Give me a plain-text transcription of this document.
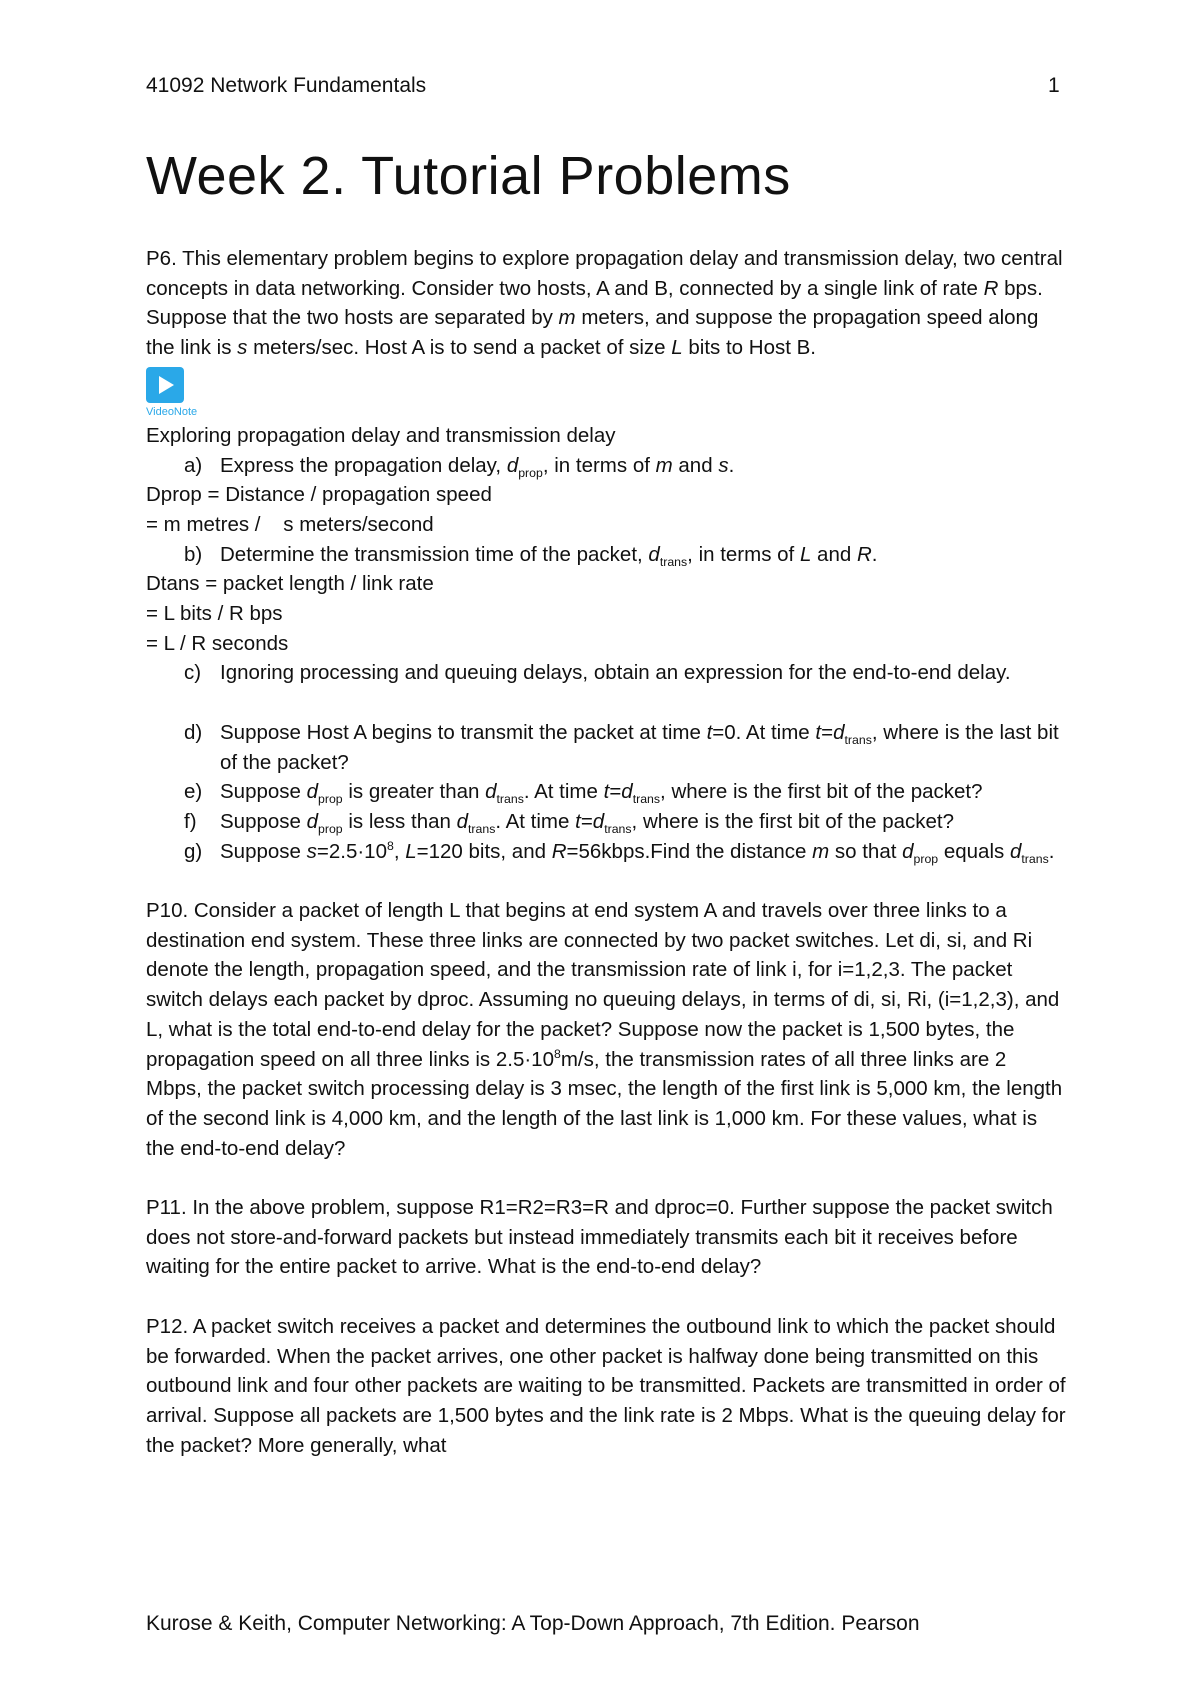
41092 Network Fundamentals	1
Week 2. Tutorial Problems

P6. This elementary problem begins to explore propagation delay and transmission delay, two central concepts in data networking. Consider two hosts, A and B, connected by a single link of rate R bps. Suppose that the two hosts are separated by m meters, and suppose the propagation speed along the link is s meters/sec. Host A is to send a packet of size L bits to Host B.

VideoNote

Exploring propagation delay and transmission delay

a) Express the propagation delay, $d_{prop}$, in terms of m and s.

Dprop = Distance / propagation speed

= m metres /    s meters/second

b) Determine the transmission time of the packet, $d_{trans}$, in terms of L and R.

Dtans = packet length / link rate

= L bits / R bps

= L / R seconds

c) Ignoring processing and queuing delays, obtain an expression for the end-to-end delay.

d) Suppose Host A begins to transmit the packet at time t=0. At time $t=d_{trans}$, where is the last bit of the packet?

e) Suppose $d_{prop}$ is greater than $d_{trans}$. At time $t=d_{trans}$, where is the first bit of the packet?

f) Suppose $d_{prop}$ is less than $d_{trans}$. At time $t=d_{trans}$, where is the first bit of the packet?

g) Suppose $s=2.5\cdot 10^8$, L=120 bits, and R=56kbps.Find the distance m so that $d_{prop}$ equals $d_{trans}$.

P10. Consider a packet of length L that begins at end system A and travels over three links to a destination end system. These three links are connected by two packet switches. Let di, si, and Ri denote the length, propagation speed, and the transmission rate of link i, for i=1,2,3. The packet switch delays each packet by dproc. Assuming no queuing delays, in terms of di, si, Ri, (i=1,2,3), and L, what is the total end-to-end delay for the packet? Suppose now the packet is 1,500 bytes, the propagation speed on all three links is $2.5\cdot 10^8m/s$, the transmission rates of all three links are 2 Mbps, the packet switch processing delay is 3 msec, the length of the first link is 5,000 km, the length of the second link is 4,000 km, and the length of the last link is 1,000 km. For these values, what is the end-to-end delay?

P11. In the above problem, suppose R1=R2=R3=R and dproc=0. Further suppose the packet switch does not store-and-forward packets but instead immediately transmits each bit it receives before waiting for the entire packet to arrive. What is the end-to-end delay?

P12. A packet switch receives a packet and determines the outbound link to which the packet should be forwarded. When the packet arrives, one other packet is halfway done being transmitted on this outbound link and four other packets are waiting to be transmitted. Packets are transmitted in order of arrival. Suppose all packets are 1,500 bytes and the link rate is 2 Mbps. What is the queuing delay for the packet? More generally, what

Kurose & Keith, Computer Networking: A Top-Down Approach, 7th Edition. Pearson
